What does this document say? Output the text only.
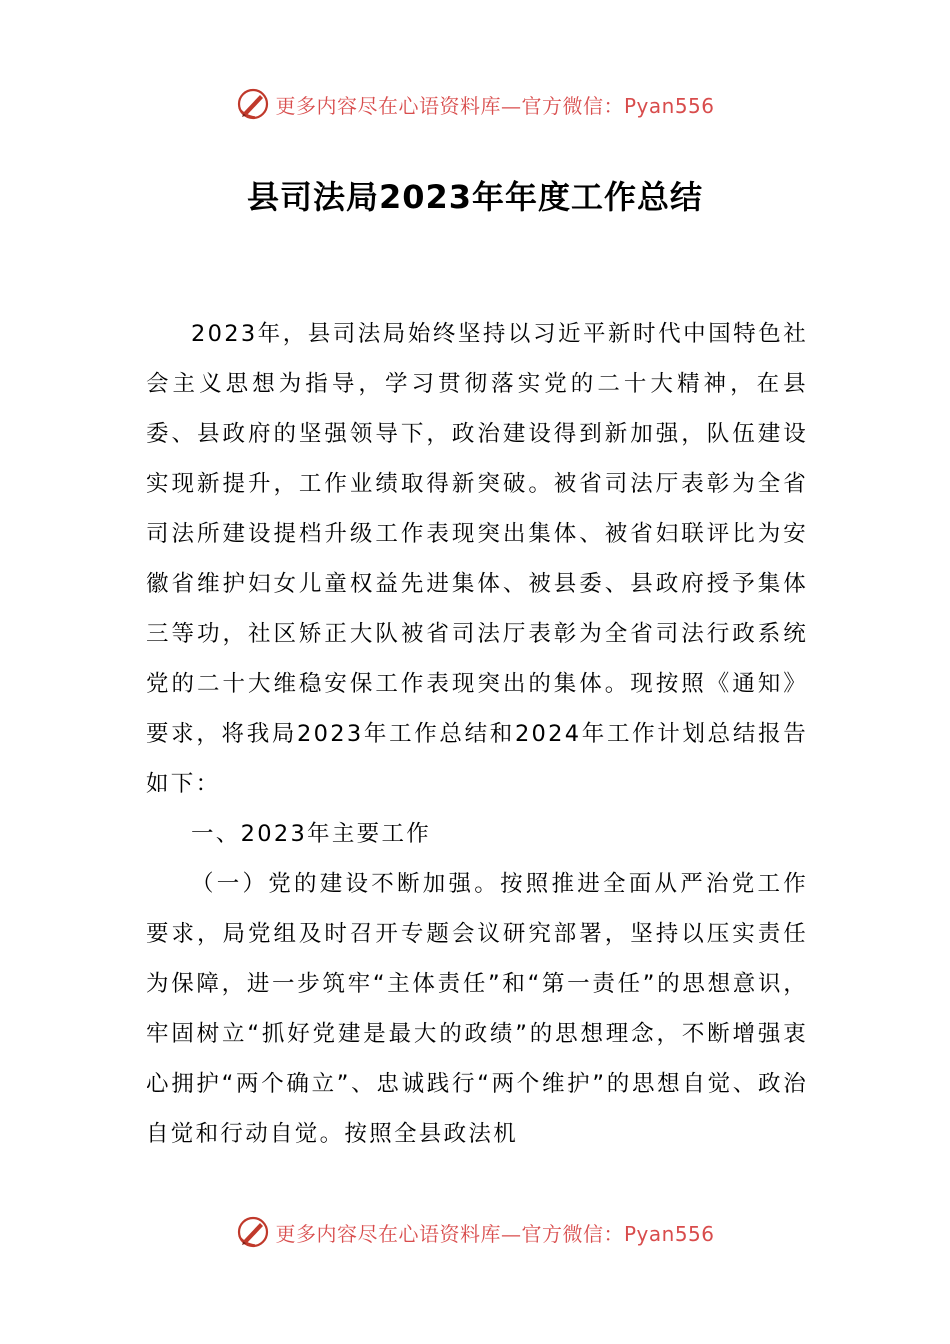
更多内容尽在心语资料库—官方微信：Pyan556
县司法局2023年年度工作总结

2023年，县司法局始终坚持以习近平新时代中国特色社会主义思想为指导，学习贯彻落实党的二十大精神，在县委、县政府的坚强领导下，政治建设得到新加强，队伍建设实现新提升，工作业绩取得新突破。被省司法厅表彰为全省司法所建设提档升级工作表现突出集体、被省妇联评比为安徽省维护妇女儿童权益先进集体、被县委、县政府授予集体三等功，社区矫正大队被省司法厅表彰为全省司法行政系统党的二十大维稳安保工作表现突出的集体。现按照《通知》要求，将我局2023年工作总结和2024年工作计划总结报告如下：

一、2023年主要工作

（一）党的建设不断加强。按照推进全面从严治党工作要求，局党组及时召开专题会议研究部署，坚持以压实责任为保障，进一步筑牢“主体责任”和“第一责任”的思想意识，牢固树立“抓好党建是最大的政绩”的思想理念，不断增强衷心拥护“两个确立”、忠诚践行“两个维护”的思想自觉、政治自觉和行动自觉。按照全县政法机

更多内容尽在心语资料库—官方微信：Pyan556
